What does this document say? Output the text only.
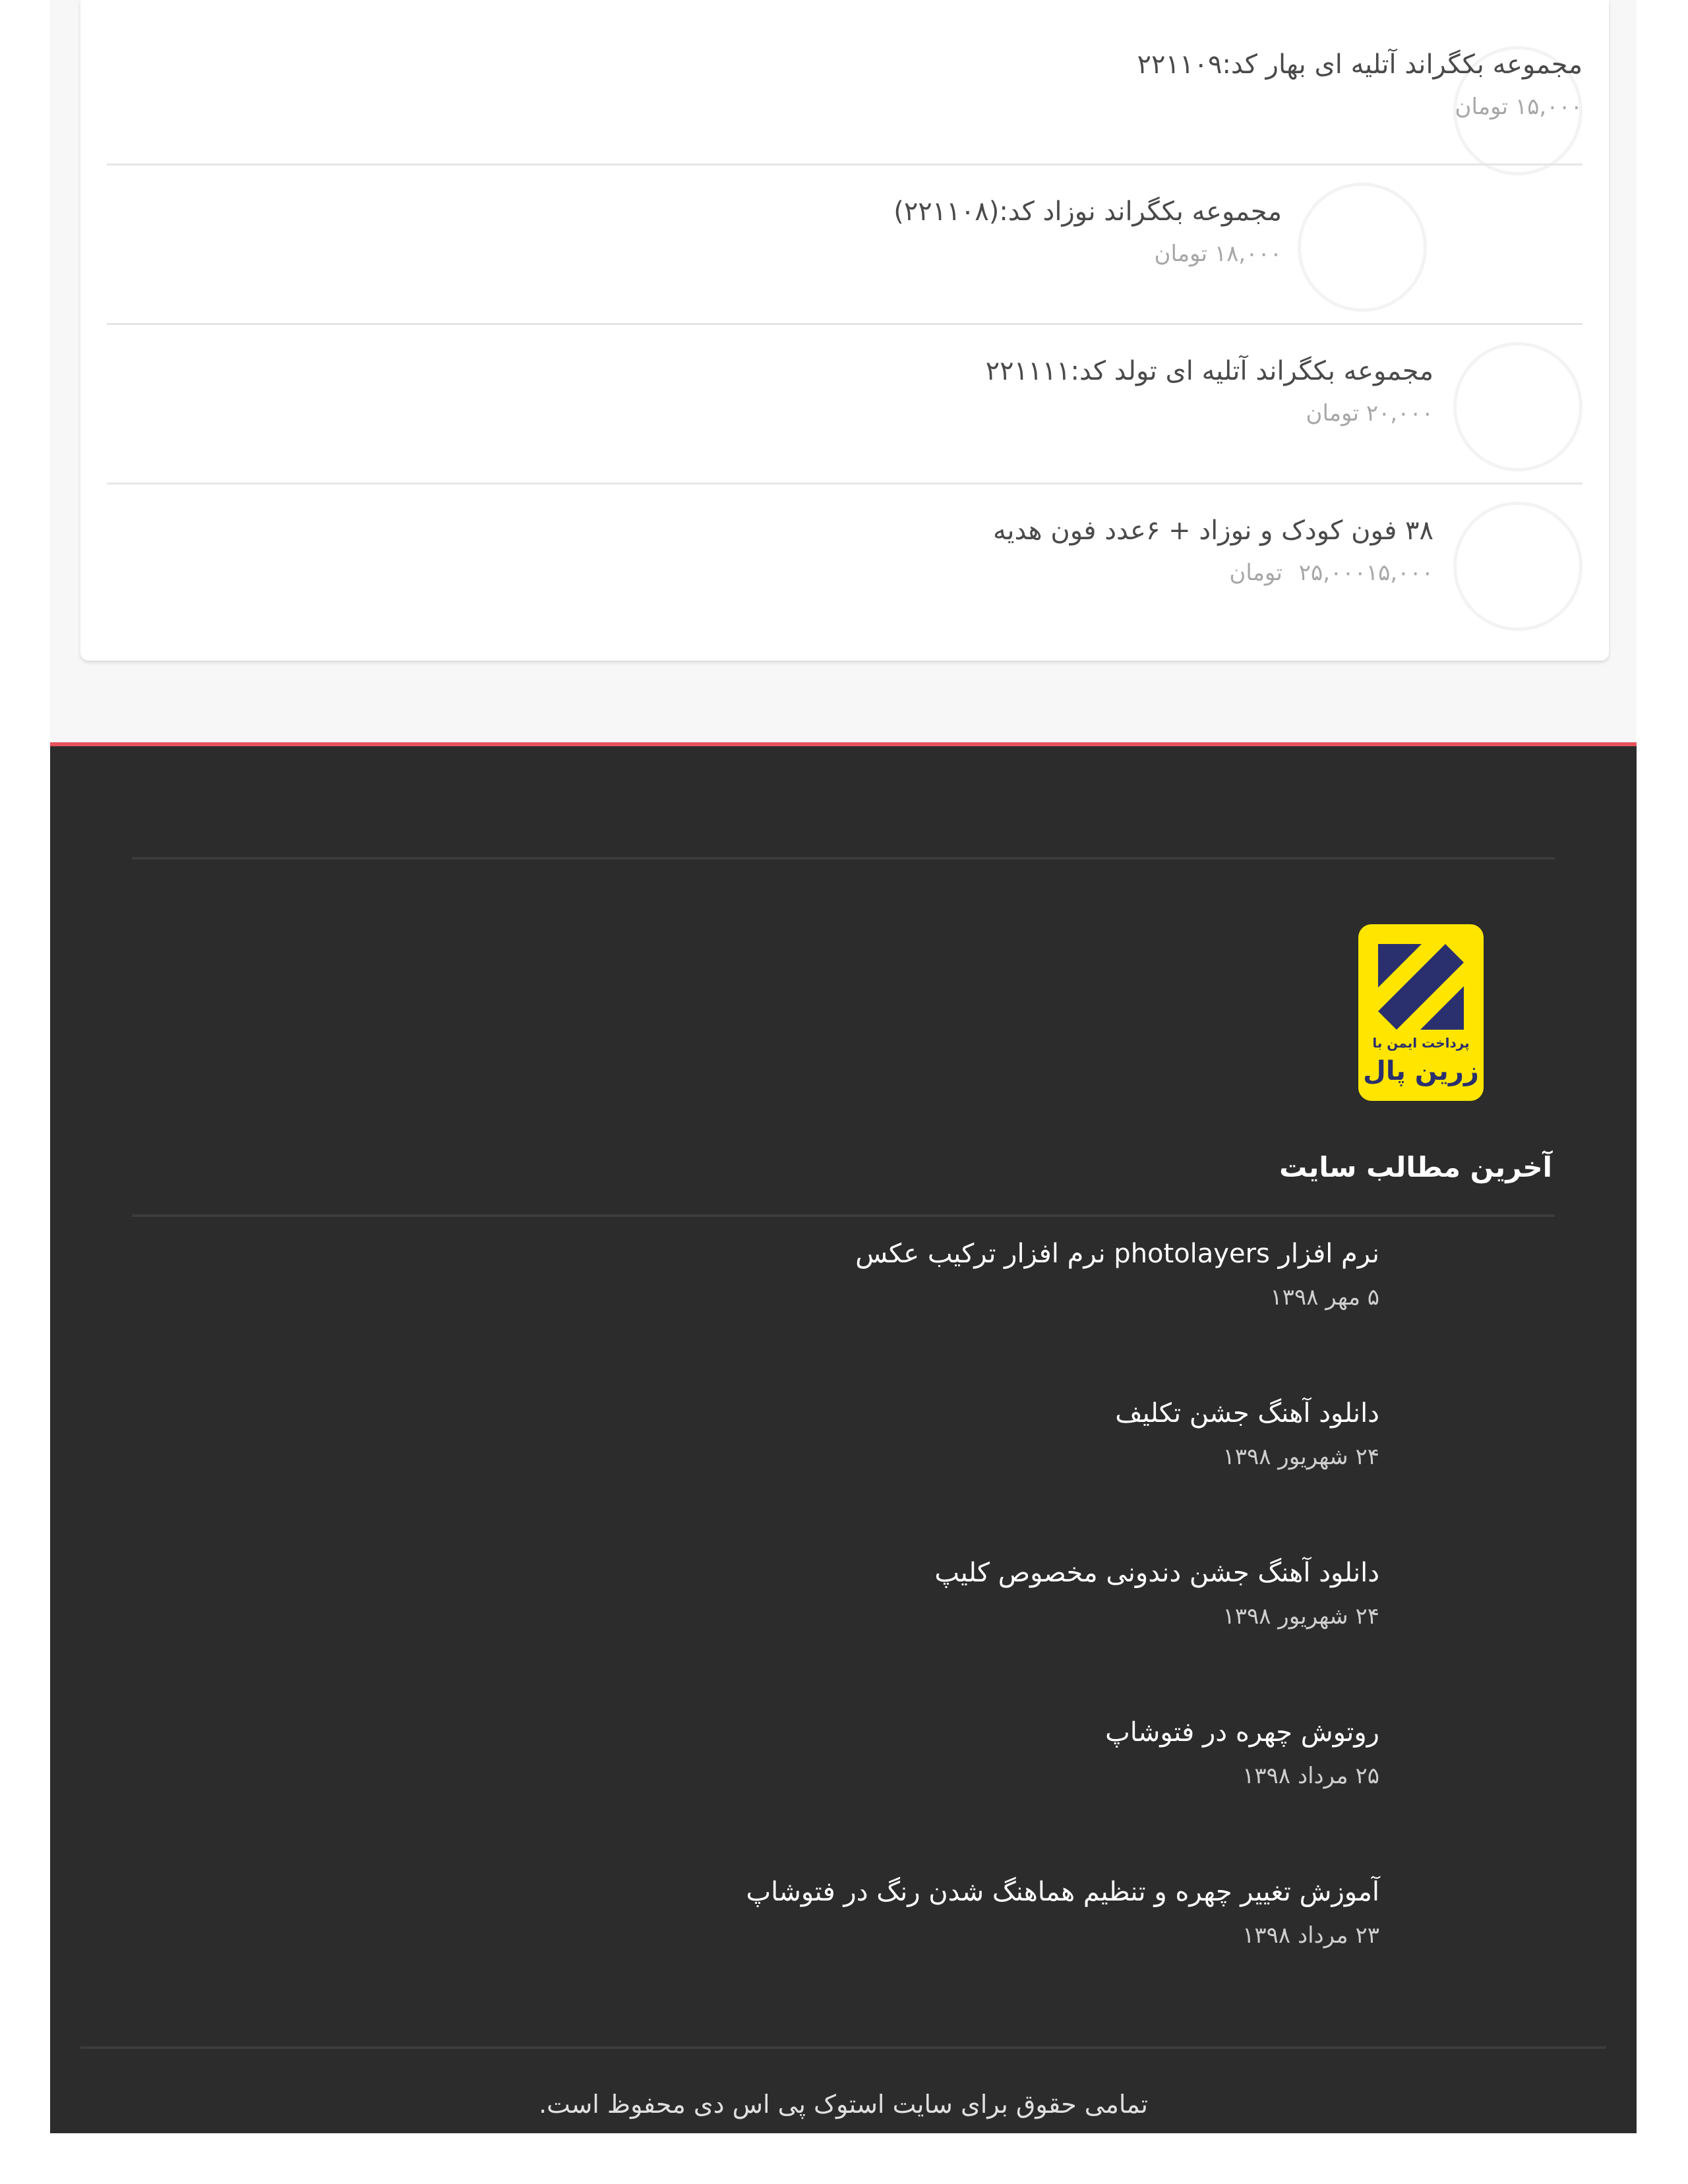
مجموعه بکگراند آتلیه ای بهار کد:۲۲۱۱۰۹
۱۵,۰۰۰ تومان
مجموعه بکگراند نوزاد کد:(۲۲۱۱۰۸)
۱۸,۰۰۰ تومان
مجموعه بکگراند آتلیه ای تولد کد:۲۲۱۱۱۱
۲۰,۰۰۰ تومان
۳۸ فون کودک و نوزاد + ۶عدد فون هدیه
۲۵,۰۰۰۱۵,۰۰۰ تومان
پرداخت ایمن با
زرین پال
آخرین مطالب سایت
نرم افزار photolayers نرم افزار ترکیب عکس
۵ مهر ۱۳۹۸
دانلود آهنگ جشن تکلیف
۲۴ شهریور ۱۳۹۸
دانلود آهنگ جشن دندونی مخصوص کلیپ
۲۴ شهریور ۱۳۹۸
روتوش چهره در فتوشاپ
۲۵ مرداد ۱۳۹۸
آموزش تغییر چهره و تنظیم هماهنگ شدن رنگ در فتوشاپ
۲۳ مرداد ۱۳۹۸
تمامی حقوق برای سایت استوک پی اس دی محفوظ است.
